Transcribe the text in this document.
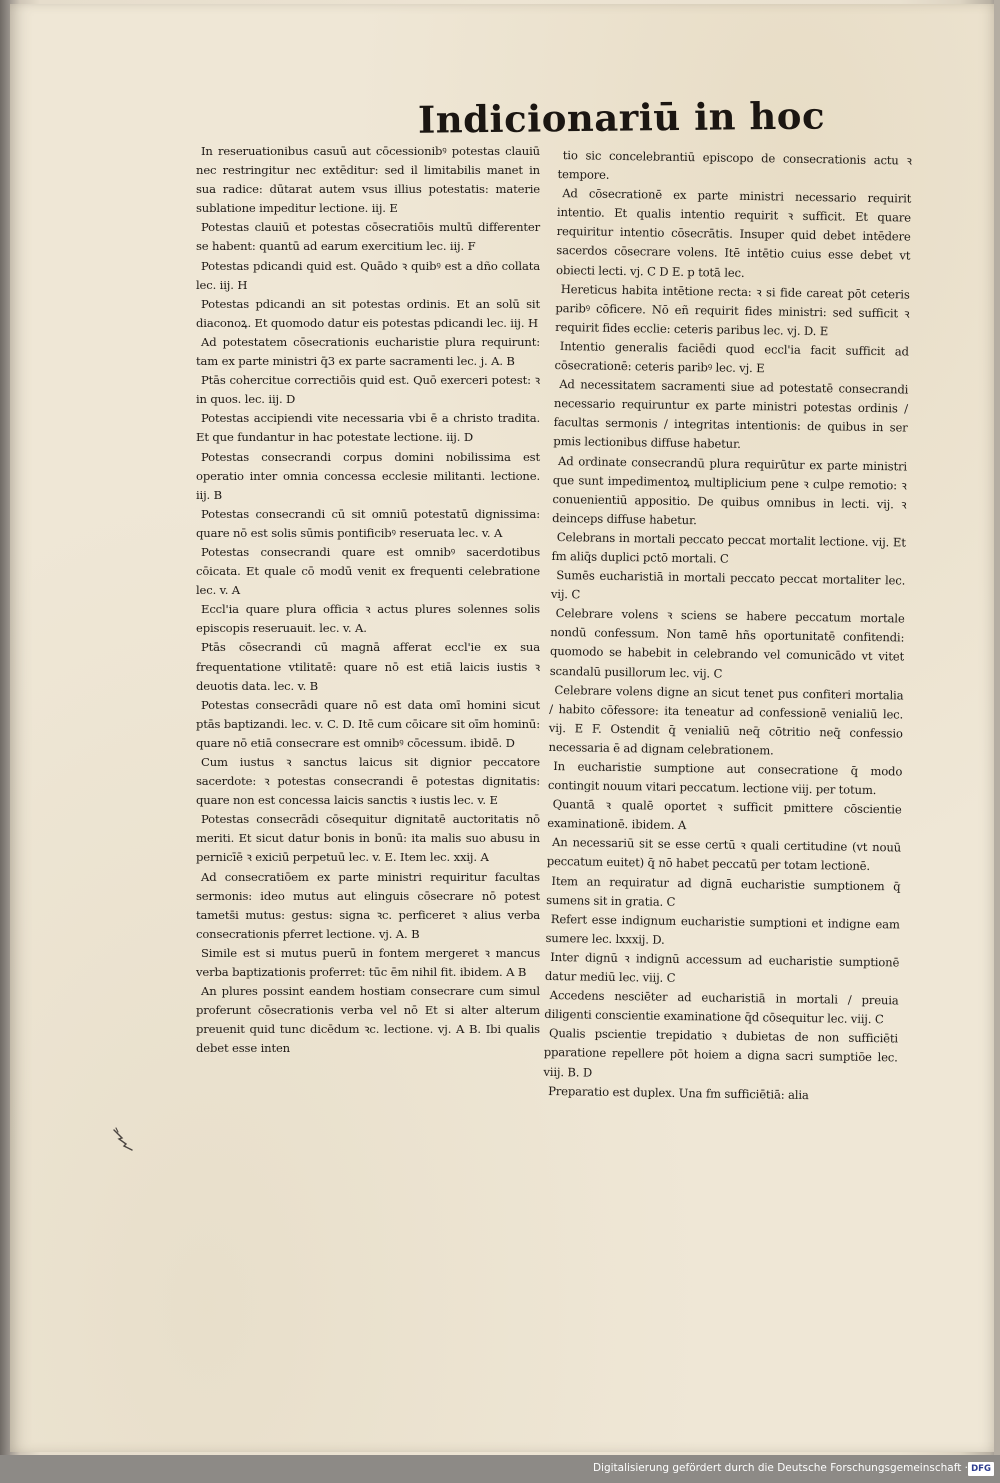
Indicionariū in hoc
In reseruationibus casuū aut cōcessionibꝰ potestas clauiū nec restringitur nec extēditur: sed il limitabilis manet in sua radice: dūtarat autem vsus illius potestatis: materie sublatione impeditur lectione. iij. E
Potestas clauiū et potestas cōsecratiōis multū differenter se habent: quantū ad earum exercitium lec. iij. F
Potestas pdicandi quid est. Quādo ꝛ quibꝰ est a dño collata lec. iij. H
Potestas pdicandi an sit potestas ordinis. Et an solū sit diaconoꝝ. Et quomodo datur eis potestas pdicandi lec. iij. H
Ad potestatem cōsecrationis eucharistie plura requirunt: tam ex parte ministri q̄3 ex parte sacramenti lec. j. A. B
Ptās cohercitue correctiōis quid est. Quō exerceri potest: ꝛ in quos. lec. iij. D
Potestas accipiendi vite necessaria vbi ē a christo tradita. Et que fundantur in hac potestate lectione. iij. D
Potestas consecrandi corpus domini nobilissima est operatio inter omnia concessa ecclesie militanti. lectione. iij. B
Potestas consecrandi cū sit omniū potestatū dignissima: quare nō est solis sūmis pontificibꝰ reseruata lec. v. A
Potestas consecrandi quare est omnibꝰ sacerdotibus cōicata. Et quale cō modū venit ex frequenti celebratione lec. v. A
Eccl'ia quare plura officia ꝛ actus plures solennes solis episcopis reseruauit. lec. v. A.
Ptās cōsecrandi cū magnā afferat eccl'ie ex sua frequentatione vtilitatē: quare nō est etiā laicis iustis ꝛ deuotis data. lec. v. B
Potestas consecrādi quare nō est data omī homini sicut ptās baptizandi. lec. v. C. D. Itē cum cōicare sit oīm hominū: quare nō etiā consecrare est omnibꝰ cōcessum. ibidē. D
Cum iustus ꝛ sanctus laicus sit dignior peccatore sacerdote: ꝛ potestas consecrandi ē potestas dignitatis: quare non est concessa laicis sanctis ꝛ iustis lec. v. E
Potestas consecrādi cōsequitur dignitatē auctoritatis nō meriti. Et sicut datur bonis in bonū: ita malis suo abusu in pernicīē ꝛ exiciū perpetuū lec. v. E. Item lec. xxij. A
Ad consecratiōem ex parte ministri requiritur facultas sermonis: ideo mutus aut elinguis cōsecrare nō potest tamets̄i mutus: gestus: signa ꝛc. perficeret ꝛ alius verba consecrationis pferret lectione. vj. A. B
Simile est si mutus puerū in fontem mergeret ꝛ mancus verba baptizationis proferret: tūc ēm nihil fit. ibidem. A B
An plures possint eandem hostiam consecrare cum simul proferunt cōsecrationis verba vel nō Et si alter alterum preuenit quid tunc dicēdum ꝛc. lectione. vj. A B. Ibi qualis debet esse inten
tio sic concelebrantiū episcopo de consecrationis actu ꝛ tempore.
Ad cōsecrationē ex parte ministri necessario requirit intentio. Et qualis intentio requirit ꝛ sufficit. Et quare requiritur intentio cōsecrātis. Insuper quid debet intēdere sacerdos cōsecrare volens. Itē intētio cuius esse debet vt obiecti lecti. vj. C D E. p totā lec.
Hereticus habita intētione recta: ꝛ si fide careat pōt ceteris paribꝰ cōficere. Nō eñ requirit fides ministri: sed sufficit ꝛ requirit fides ecclie: ceteris paribus lec. vj. D. E
Intentio generalis faciēdi quod eccl'ia facit sufficit ad cōsecrationē: ceteris paribꝰ lec. vj. E
Ad necessitatem sacramenti siue ad potestatē consecrandi necessario requiruntur ex parte ministri potestas ordinis / facultas sermonis / integritas intentionis: de quibus in ser pmis lectionibus diffuse habetur.
Ad ordinate consecrandū plura requirūtur ex parte ministri que sunt impedimentoꝝ multiplicium pene ꝛ culpe remotio: ꝛ conuenientiū appositio. De quibus omnibus in lecti. vij. ꝛ deinceps diffuse habetur.
Celebrans in mortali peccato peccat mortalit lectione. vij. Et fm aliq̄s duplici pctō mortali. C
Sumēs eucharistiā in mortali peccato peccat mortaliter lec. vij. C
Celebrare volens ꝛ sciens se habere peccatum mortale nondū confessum. Non tamē hñs oportunitatē confitendi: quomodo se habebit in celebrando vel comunicādo vt vitet scandalū pusillorum lec. vij. C
Celebrare volens digne an sicut tenet pus confiteri mortalia / habito cōfessore: ita teneatur ad confessionē venialiū lec. vij. E F. Ostendit q̄ venialiū neq̄ cōtritio neq̄ confessio necessaria ē ad dignam celebrationem.
In eucharistie sumptione aut consecratione q̄ modo contingit nouum vitari peccatum. lectione viij. per totum.
Quantā ꝛ qualē oportet ꝛ sufficit pmittere cōscientie examinationē. ibidem. A
An necessariū sit se esse certū ꝛ quali certitudine (vt nouū peccatum euitet) q̄ nō habet peccatū per totam lectionē.
Item an requiratur ad dignā eucharistie sumptionem q̄ sumens sit in gratia. C
Refert esse indignum eucharistie sumptioni et indigne eam sumere lec. lxxxij. D.
Inter dignū ꝛ indignū accessum ad eucharistie sumptionē datur mediū lec. viij. C
Accedens nesciēter ad eucharistiā in mortali / preuia diligenti conscientie examinatione q̄d cōsequitur lec. viij. C
Qualis pscientie trepidatio ꝛ dubietas de non sufficiēti pparatione repellere pōt hoiem a digna sacri sumptiōe lec. viij. B. D
Preparatio est duplex. Una fm sufficiētiā: alia
Digitalisierung gefördert durch die Deutsche Forschungsgemeinschaft · DFG
